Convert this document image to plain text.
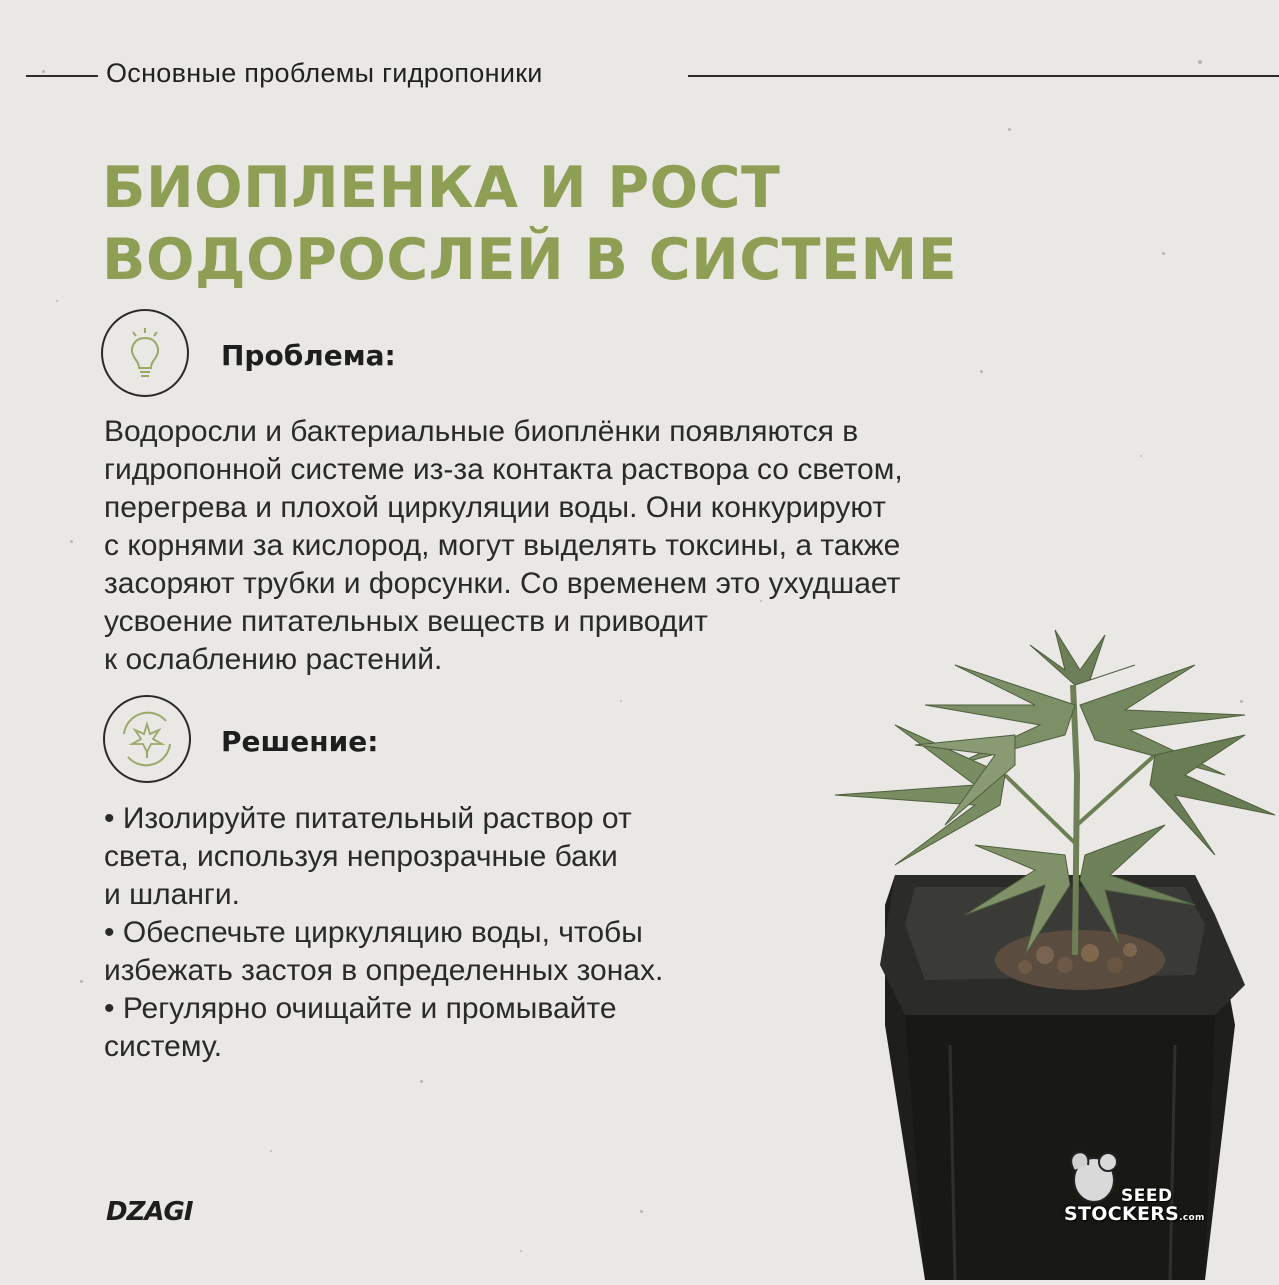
Основные проблемы гидропоники
БИОПЛЕНКА И РОСТ
ВОДОРОСЛЕЙ В СИСТЕМЕ
Проблема:

Водоросли и бактериальные биоплёнки появляются в
гидропонной системе из-за контакта раствора со светом,
перегрева и плохой циркуляции воды. Они конкурируют
с корнями за кислород, могут выделять токсины, а также
засоряют трубки и форсунки. Со временем это ухудшает
усвоение питательных веществ и приводит
к ослаблению растений.

Решение:
• Изолируйте питательный раствор от
света, используя непрозрачные баки
и шланги.
• Обеспечьте циркуляцию воды, чтобы
избежать застоя в определенных зонах.
• Регулярно очищайте и промывайте
систему.
DZAGI
SEED
STOCKERS.com
